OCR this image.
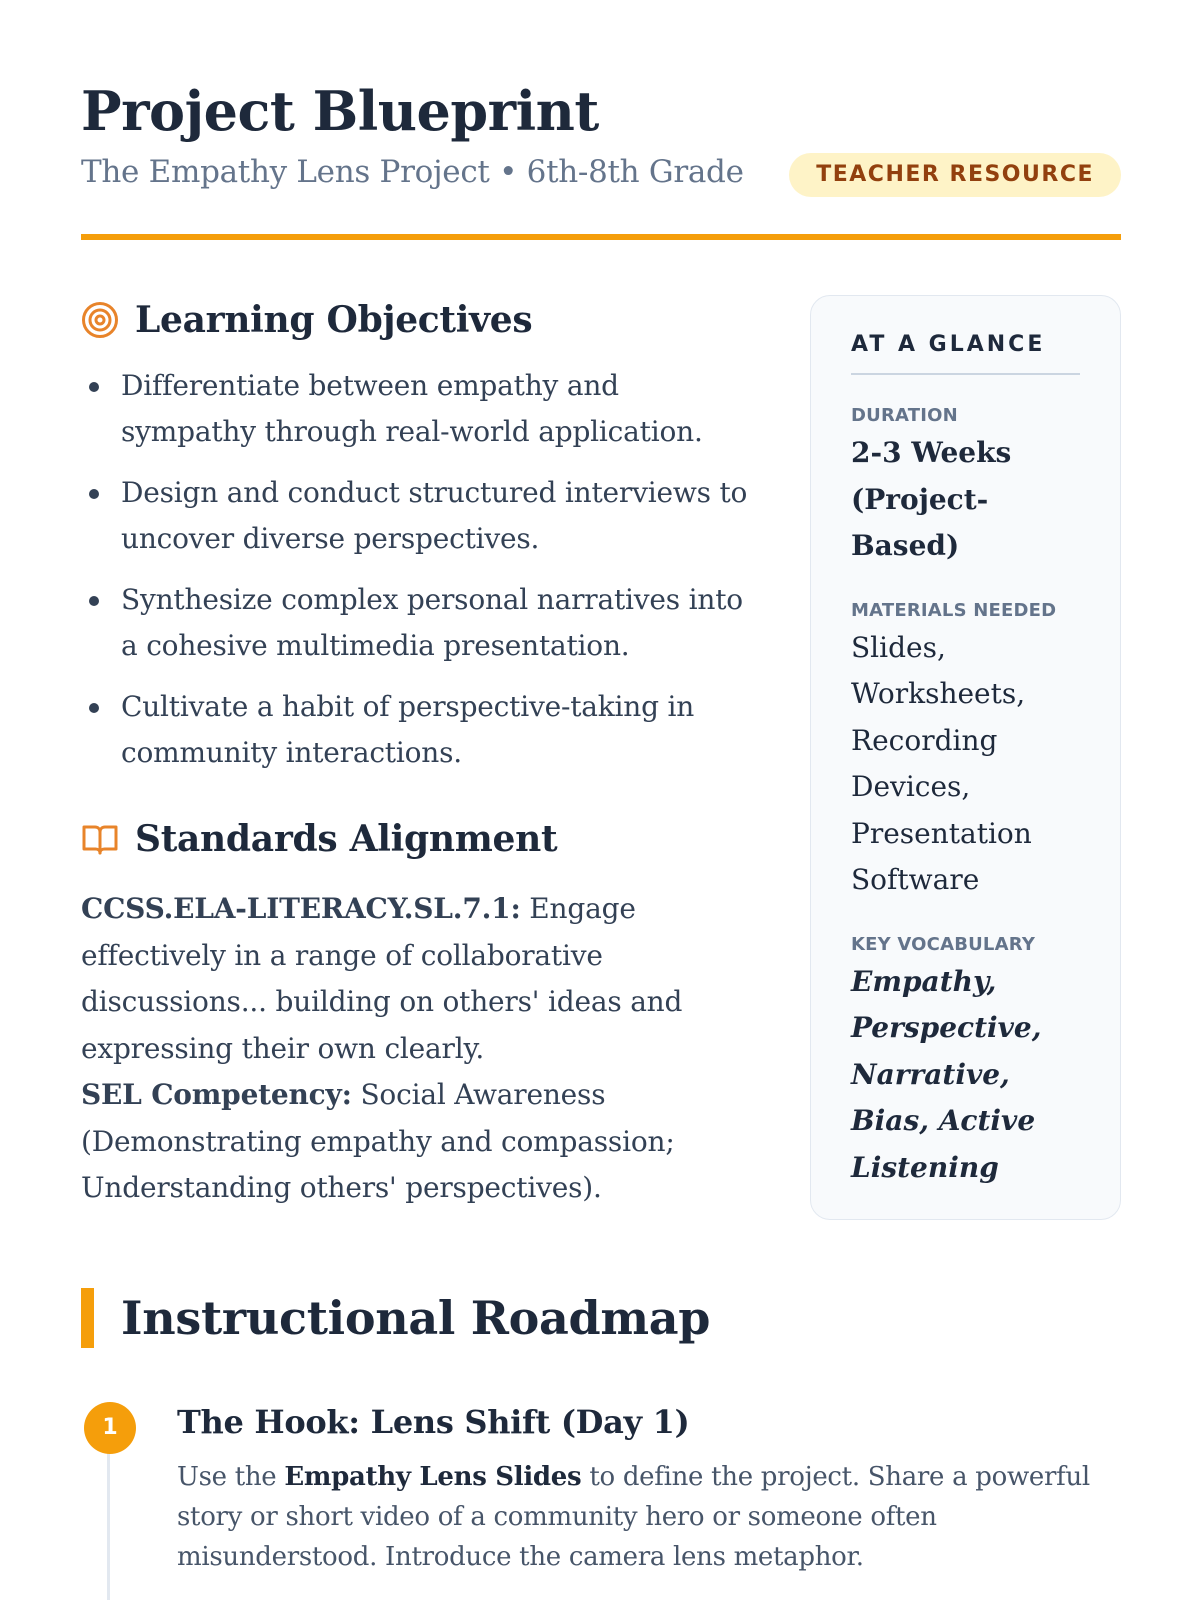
Project Blueprint
The Empathy Lens Project • 6th-8th Grade	TEACHER RESOURCE
Learning Objectives
Differentiate between empathy and sympathy through real-world application.
Design and conduct structured interviews to uncover diverse perspectives.
Synthesize complex personal narratives into a cohesive multimedia presentation.
Cultivate a habit of perspective-taking in community interactions.
Standards Alignment
CCSS.ELA-LITERACY.SL.7.1: Engage effectively in a range of collaborative discussions... building on others' ideas and expressing their own clearly.
SEL Competency: Social Awareness (Demonstrating empathy and compassion; Understanding others' perspectives).
AT A GLANCE
DURATION
2-3 Weeks (Project-Based)
MATERIALS NEEDED
Slides, Worksheets, Recording Devices, Presentation Software
KEY VOCABULARY
Empathy, Perspective, Narrative, Bias, Active Listening
Instructional Roadmap
1	The Hook: Lens Shift (Day 1)
Use the Empathy Lens Slides to define the project. Share a powerful story or short video of a community hero or someone often misunderstood. Introduce the camera lens metaphor.
